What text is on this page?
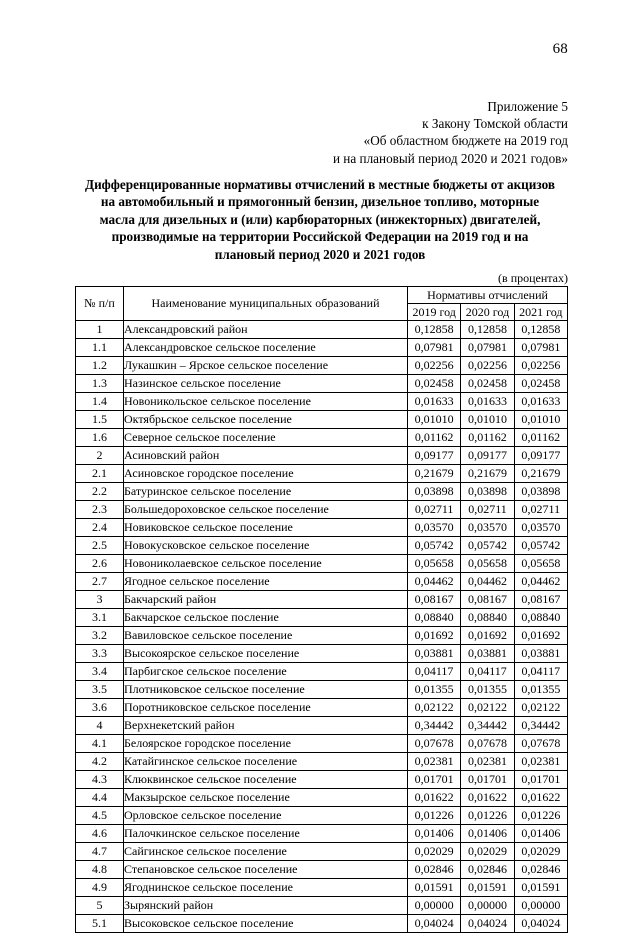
68
Приложение 5
к Закону Томской области
«Об областном бюджете на 2019 год
и на плановый период 2020 и 2021 годов»
Дифференцированные нормативы отчислений в местные бюджеты от акцизов
на автомобильный и прямогонный бензин, дизельное топливо, моторные
масла для дизельных и (или) карбюраторных (инжекторных) двигателей,
производимые на территории Российской Федерации на 2019 год и на
плановый период 2020 и 2021 годов
(в процентах)
№ п/п	Наименование муниципальных образований	Нормативы отчислений		
		2019 год	2020 год	2021 год
1	Александровский район	0,12858	0,12858	0,12858
1.1	Александровское сельское поселение	0,07981	0,07981	0,07981
1.2	Лукашкин – Ярское сельское поселение	0,02256	0,02256	0,02256
1.3	Назинское сельское поселение	0,02458	0,02458	0,02458
1.4	Новоникольское сельское поселение	0,01633	0,01633	0,01633
1.5	Октябрьское сельское поселение	0,01010	0,01010	0,01010
1.6	Северное сельское поселение	0,01162	0,01162	0,01162
2	Асиновский район	0,09177	0,09177	0,09177
2.1	Асиновское городское поселение	0,21679	0,21679	0,21679
2.2	Батуринское сельское поселение	0,03898	0,03898	0,03898
2.3	Большедороховское сельское поселение	0,02711	0,02711	0,02711
2.4	Новиковское сельское поселение	0,03570	0,03570	0,03570
2.5	Новокусковское сельское поселение	0,05742	0,05742	0,05742
2.6	Новониколаевское сельское поселение	0,05658	0,05658	0,05658
2.7	Ягодное сельское поселение	0,04462	0,04462	0,04462
3	Бакчарский район	0,08167	0,08167	0,08167
3.1	Бакчарское сельское посление	0,08840	0,08840	0,08840
3.2	Вавиловское сельское поселение	0,01692	0,01692	0,01692
3.3	Высокоярское сельское поселение	0,03881	0,03881	0,03881
3.4	Парбигское сельское поселение	0,04117	0,04117	0,04117
3.5	Плотниковское сельское поселение	0,01355	0,01355	0,01355
3.6	Поротниковское сельское поселение	0,02122	0,02122	0,02122
4	Верхнекетский район	0,34442	0,34442	0,34442
4.1	Белоярское городское поселение	0,07678	0,07678	0,07678
4.2	Катайгинское сельское поселение	0,02381	0,02381	0,02381
4.3	Клюквинское сельское поселение	0,01701	0,01701	0,01701
4.4	Макзырское сельское поселение	0,01622	0,01622	0,01622
4.5	Орловское сельское поселение	0,01226	0,01226	0,01226
4.6	Палочкинское сельское поселение	0,01406	0,01406	0,01406
4.7	Сайгинское сельское поселение	0,02029	0,02029	0,02029
4.8	Степановское сельское поселение	0,02846	0,02846	0,02846
4.9	Ягоднинское сельское поселение	0,01591	0,01591	0,01591
5	Зырянский район	0,00000	0,00000	0,00000
5.1	Высоковское сельское поселение	0,04024	0,04024	0,04024
